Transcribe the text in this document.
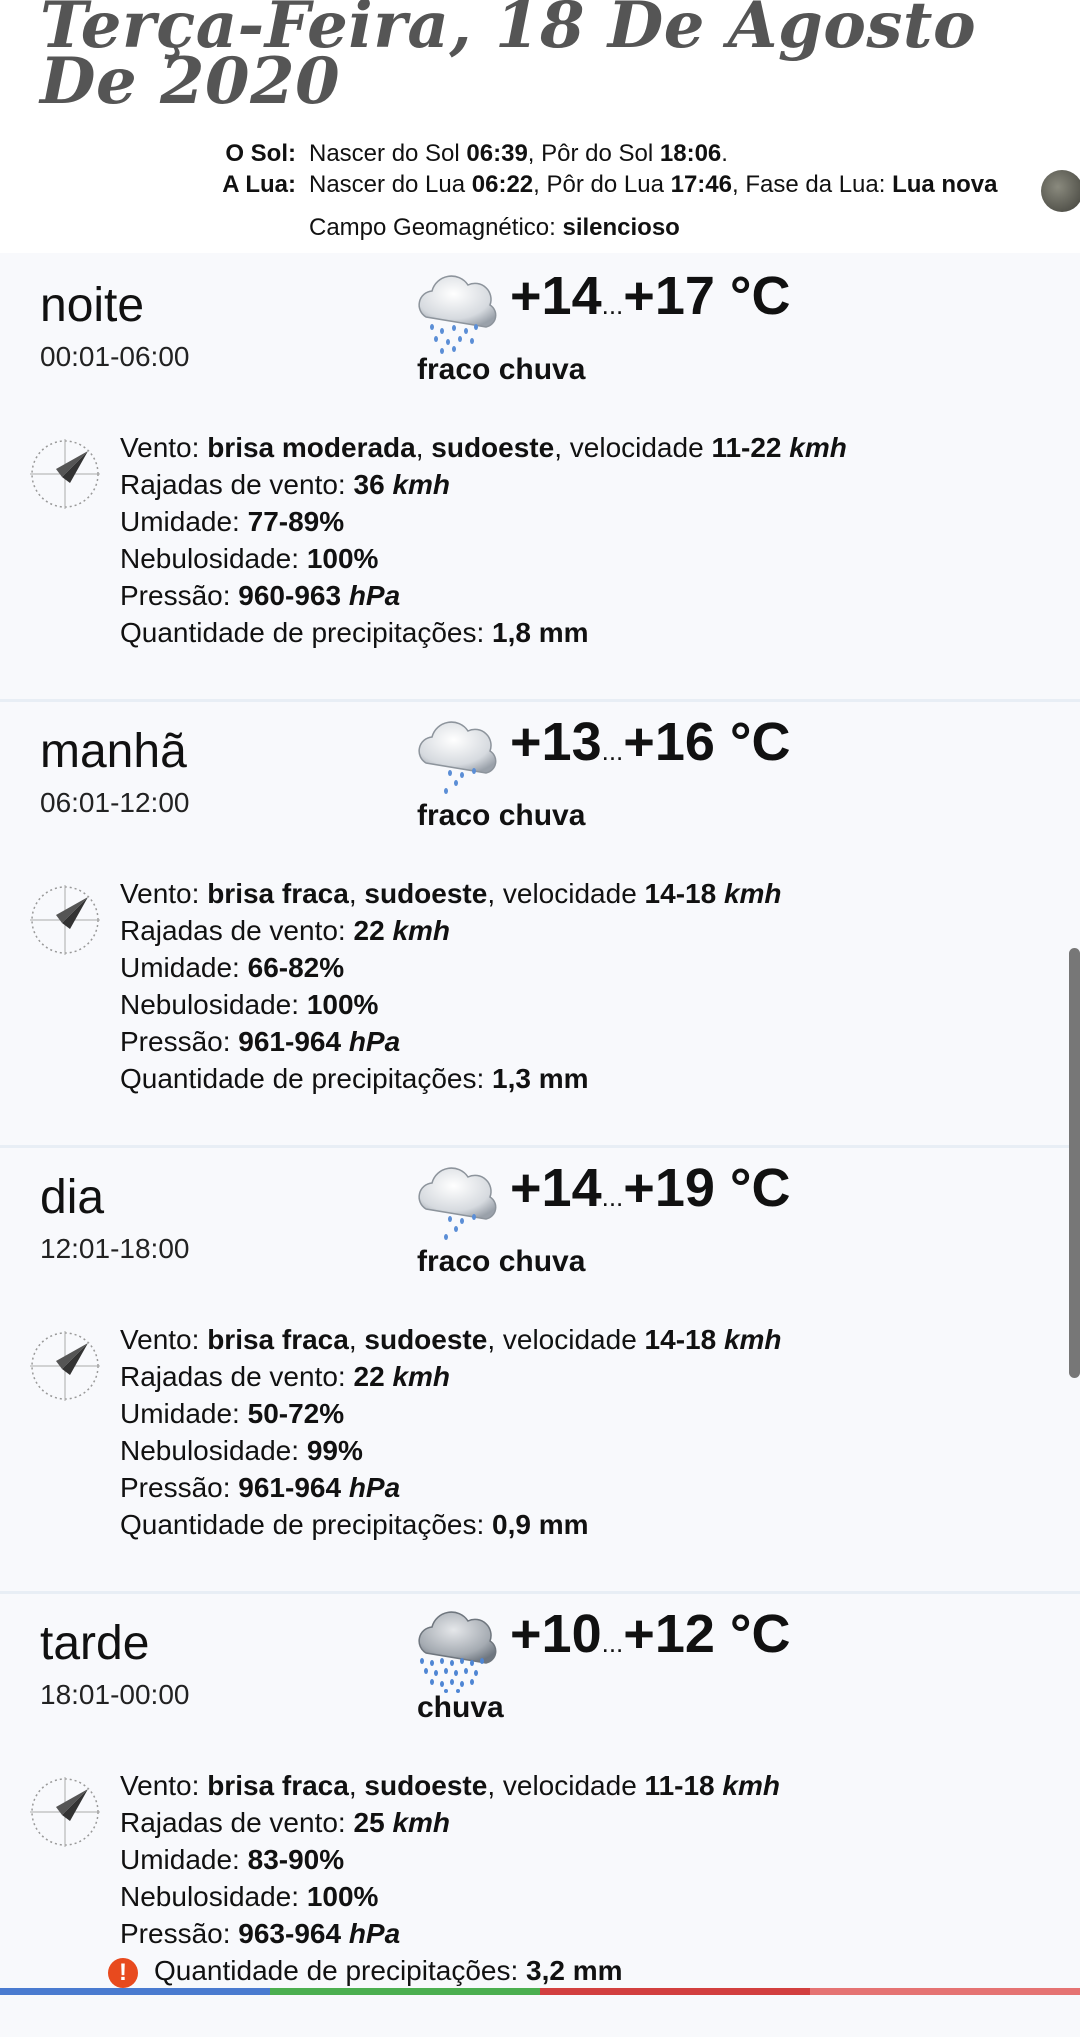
Terça-Feira, 18 De Agosto De 2020
O Sol: Nascer do Sol 06:39, Pôr do Sol 18:06.
A Lua: Nascer do Lua 06:22, Pôr do Lua 17:46, Fase da Lua: Lua nova
Campo Geomagnético: silencioso
noite
00:01-06:00
+14...+17 °C
fraco chuva
Vento: brisa moderada, sudoeste, velocidade 11-22 kmh
Rajadas de vento: 36 kmh
Umidade: 77-89%
Nebulosidade: 100%
Pressão: 960-963 hPa
Quantidade de precipitações: 1,8 mm
manhã
06:01-12:00
+13...+16 °C
fraco chuva
Vento: brisa fraca, sudoeste, velocidade 14-18 kmh
Rajadas de vento: 22 kmh
Umidade: 66-82%
Nebulosidade: 100%
Pressão: 961-964 hPa
Quantidade de precipitações: 1,3 mm
dia
12:01-18:00
+14...+19 °C
fraco chuva
Vento: brisa fraca, sudoeste, velocidade 14-18 kmh
Rajadas de vento: 22 kmh
Umidade: 50-72%
Nebulosidade: 99%
Pressão: 961-964 hPa
Quantidade de precipitações: 0,9 mm
tarde
18:01-00:00
+10...+12 °C
chuva
Vento: brisa fraca, sudoeste, velocidade 11-18 kmh
Rajadas de vento: 25 kmh
Umidade: 83-90%
Nebulosidade: 100%
Pressão: 963-964 hPa
! Quantidade de precipitações: 3,2 mm
